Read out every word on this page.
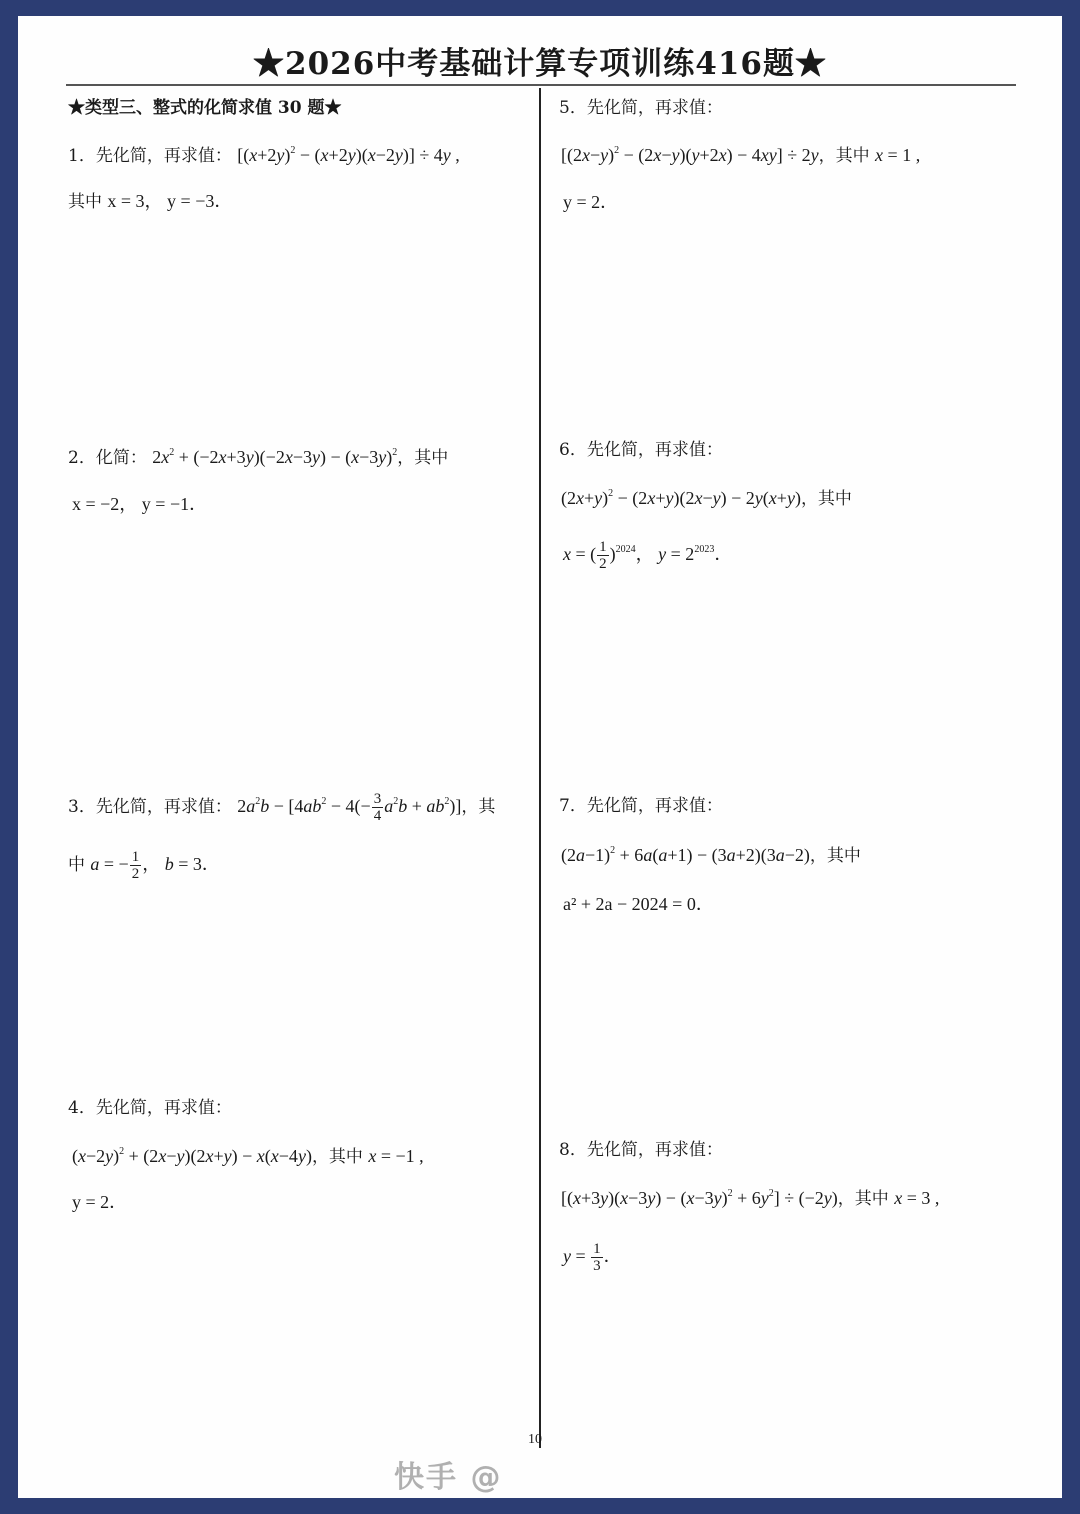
★2026中考基础计算专项训练416题★
★类型三、整式的化简求值 30 题★
1．先化简，再求值： $[(x+2y)^2 - (x+2y)(x-2y)] \div 4y$ ,
其中 x = 3， y = −3．
2．化简： $2x^2 + (-2x+3y)(-2x-3y) - (x-3y)^2$，其中
x = −2， y = −1．
3．先化简，再求值： $2a^2b - [4ab^2 - 4(- \frac{3}{4} a^2b + ab^2)]$，其
中 a = − $\frac{1}{2}$ ， b = 3．
4．先化简，再求值：
$(x-2y)^2 + (2x-y)(2x+y) - x(x-4y)$，其中 x = −1 ,
y = 2．
5．先化简，再求值：
$[(2x-y)^2 - (2x-y)(y+2x) - 4xy] \div 2y$，其中 x = 1 ,
y = 2．
6．先化简，再求值：
$(2x+y)^2 - (2x+y)(2x-y) - 2y(x+y)$，其中
x = ( $\frac{1}{2} )^{2024}$， $y = 2^{2023}$．
7．先化简，再求值：
$(2a-1)^2 + 6a(a+1) - (3a+2)(3a-2)$，其中
a² + 2a − 2024 = 0．
8．先化简，再求值：
$[(x+3y)(x-3y) - (x-3y)^2 + 6y^2] \div (-2y)$，其中 x = 3 ,
$y = \frac{1}{3}$ ．
10
快手 @
